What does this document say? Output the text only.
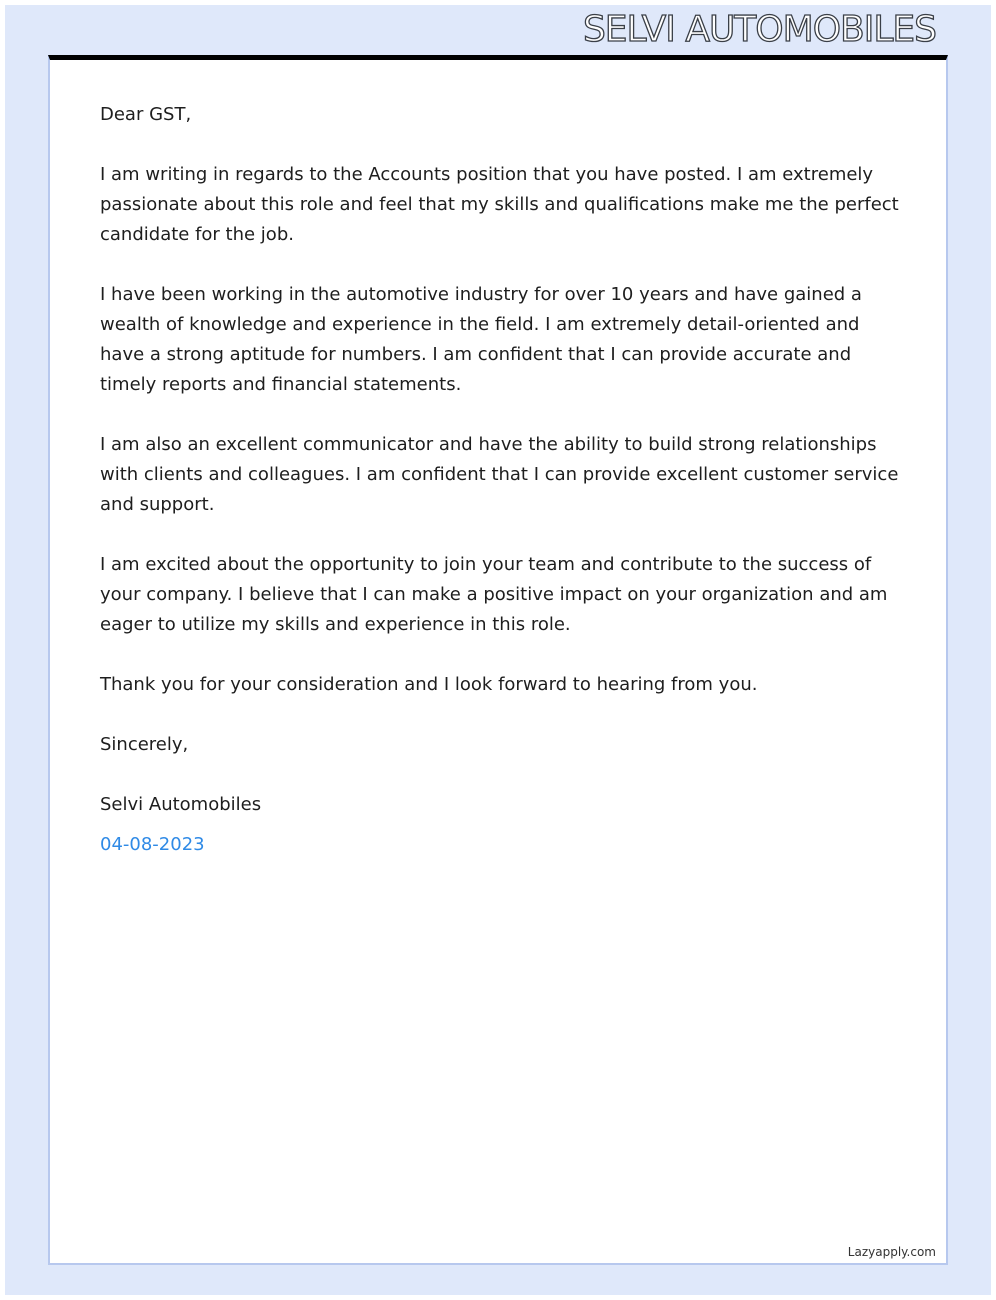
SELVI AUTOMOBILES

Dear GST,

I am writing in regards to the Accounts position that you have posted. I am extremely passionate about this role and feel that my skills and qualifications make me the perfect candidate for the job.

I have been working in the automotive industry for over 10 years and have gained a wealth of knowledge and experience in the field. I am extremely detail-oriented and have a strong aptitude for numbers. I am confident that I can provide accurate and timely reports and financial statements.

I am also an excellent communicator and have the ability to build strong relationships with clients and colleagues. I am confident that I can provide excellent customer service and support.

I am excited about the opportunity to join your team and contribute to the success of your company. I believe that I can make a positive impact on your organization and am eager to utilize my skills and experience in this role.

Thank you for your consideration and I look forward to hearing from you.

Sincerely,

Selvi Automobiles

04-08-2023

Lazyapply.com
